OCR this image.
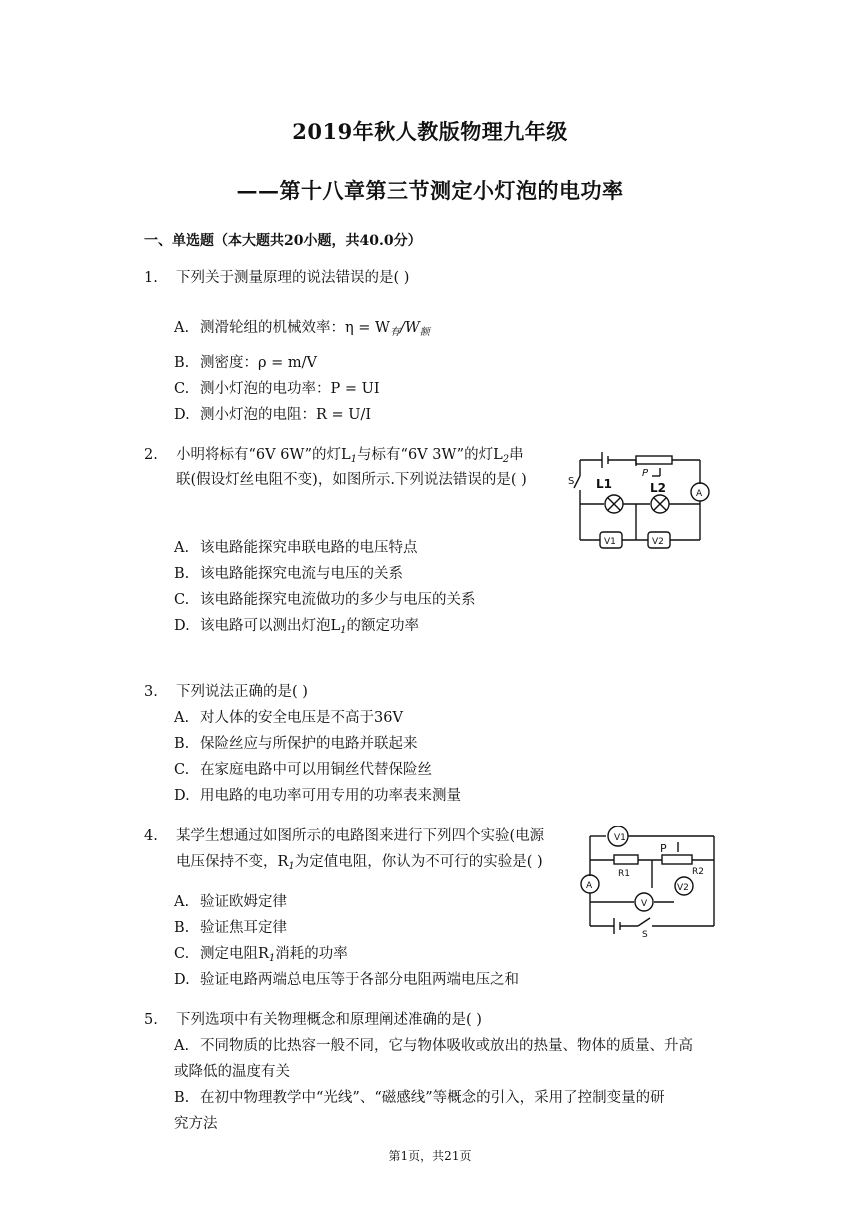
2019年秋人教版物理九年级
——第十八章第三节测定小灯泡的电功率
一、单选题（本大题共20小题，共40.0分）
1.	下列关于测量原理的说法错误的是( )
A. 测滑轮组的机械效率：$\eta = W_有/W_额$
B. 测密度：ρ = m/V
C. 测小灯泡的电功率：P = UI
D. 测小灯泡的电阻：R = U/I
2.	小明将标有“6V 6W”的灯$L_1$与标有“6V 3W”的灯$L_2$串
联(假设灯丝电阻不变)，如图所示.下列说法错误的是( )	S L1	L2
P
A
V1	V2
A. 该电路能探究串联电路的电压特点
B. 该电路能探究电流与电压的关系
C. 该电路能探究电流做功的多少与电压的关系
D. 该电路可以测出灯泡$L_1$的额定功率
3.	下列说法正确的是( )
A. 对人体的安全电压是不高于36V
B. 保险丝应与所保护的电路并联起来
C. 在家庭电路中可以用铜丝代替保险丝
D. 用电路的电功率可用专用的功率表来测量
4.	某学生想通过如图所示的电路图来进行下列四个实验(电源
电压保持不变，$R_1$为定值电阻，你认为不可行的实验是( )
V1
P
R1	R2
A
V
V2
S
A. 验证欧姆定律
B. 验证焦耳定律
C. 测定电阻$R_1$消耗的功率
D. 验证电路两端总电压等于各部分电阻两端电压之和
5.	下列选项中有关物理概念和原理阐述准确的是( )
A. 不同物质的比热容一般不同，它与物体吸收或放出的热量、物体的质量、升高
或降低的温度有关
B. 在初中物理教学中“光线”、“磁感线”等概念的引入，采用了控制变量的研
究方法
第1页，共21页
